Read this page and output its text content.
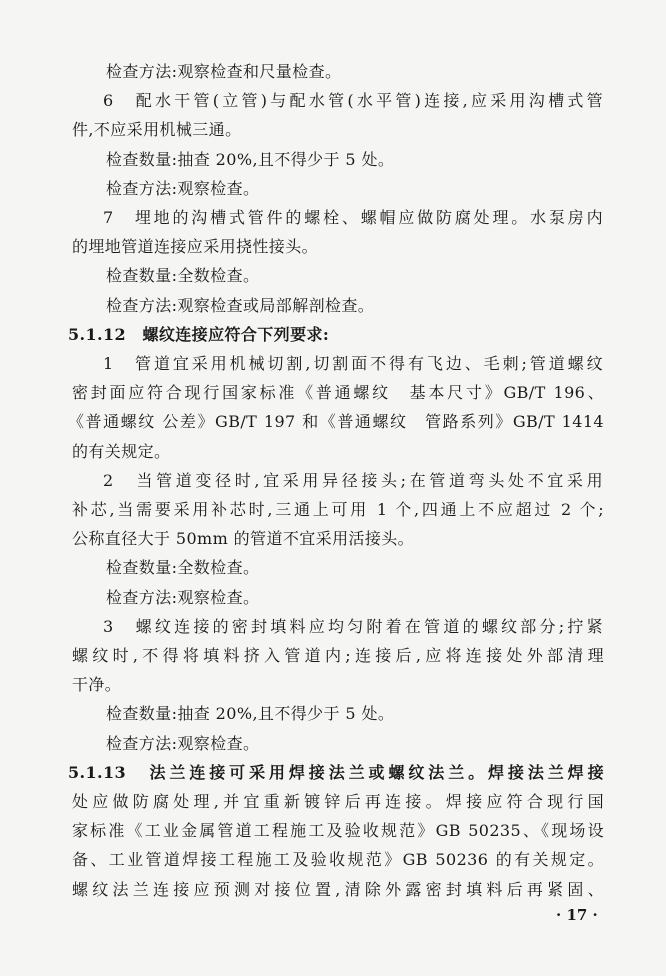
检查方法:观察检查和尺量检查。
6　配水干管(立管)与配水管(水平管)连接,应采用沟槽式管
件,不应采用机械三通。
检查数量:抽查 20%,且不得少于 5 处。
检查方法:观察检查。
7　埋地的沟槽式管件的螺栓、螺帽应做防腐处理。水泵房内
的埋地管道连接应采用挠性接头。
检查数量:全数检查。
检查方法:观察检查或局部解剖检查。
5.1.12　螺纹连接应符合下列要求:
1　管道宜采用机械切割,切割面不得有飞边、毛刺;管道螺纹
密封面应符合现行国家标准《普通螺纹　基本尺寸》GB/T 196、
《普通螺纹 公差》GB/T 197 和《普通螺纹　管路系列》GB/T 1414
的有关规定。
2　当管道变径时,宜采用异径接头;在管道弯头处不宜采用
补芯,当需要采用补芯时,三通上可用 1 个,四通上不应超过 2 个;
公称直径大于 50mm 的管道不宜采用活接头。
检查数量:全数检查。
检查方法:观察检查。
3　螺纹连接的密封填料应均匀附着在管道的螺纹部分;拧紧
螺纹时,不得将填料挤入管道内;连接后,应将连接处外部清理
干净。
检查数量:抽查 20%,且不得少于 5 处。
检查方法:观察检查。
5.1.13　法兰连接可采用焊接法兰或螺纹法兰。焊接法兰焊接
处应做防腐处理,并宜重新镀锌后再连接。焊接应符合现行国
家标准《工业金属管道工程施工及验收规范》GB 50235、《现场设
备、工业管道焊接工程施工及验收规范》GB 50236 的有关规定。
螺纹法兰连接应预测对接位置,清除外露密封填料后再紧固、
· 17 ·
